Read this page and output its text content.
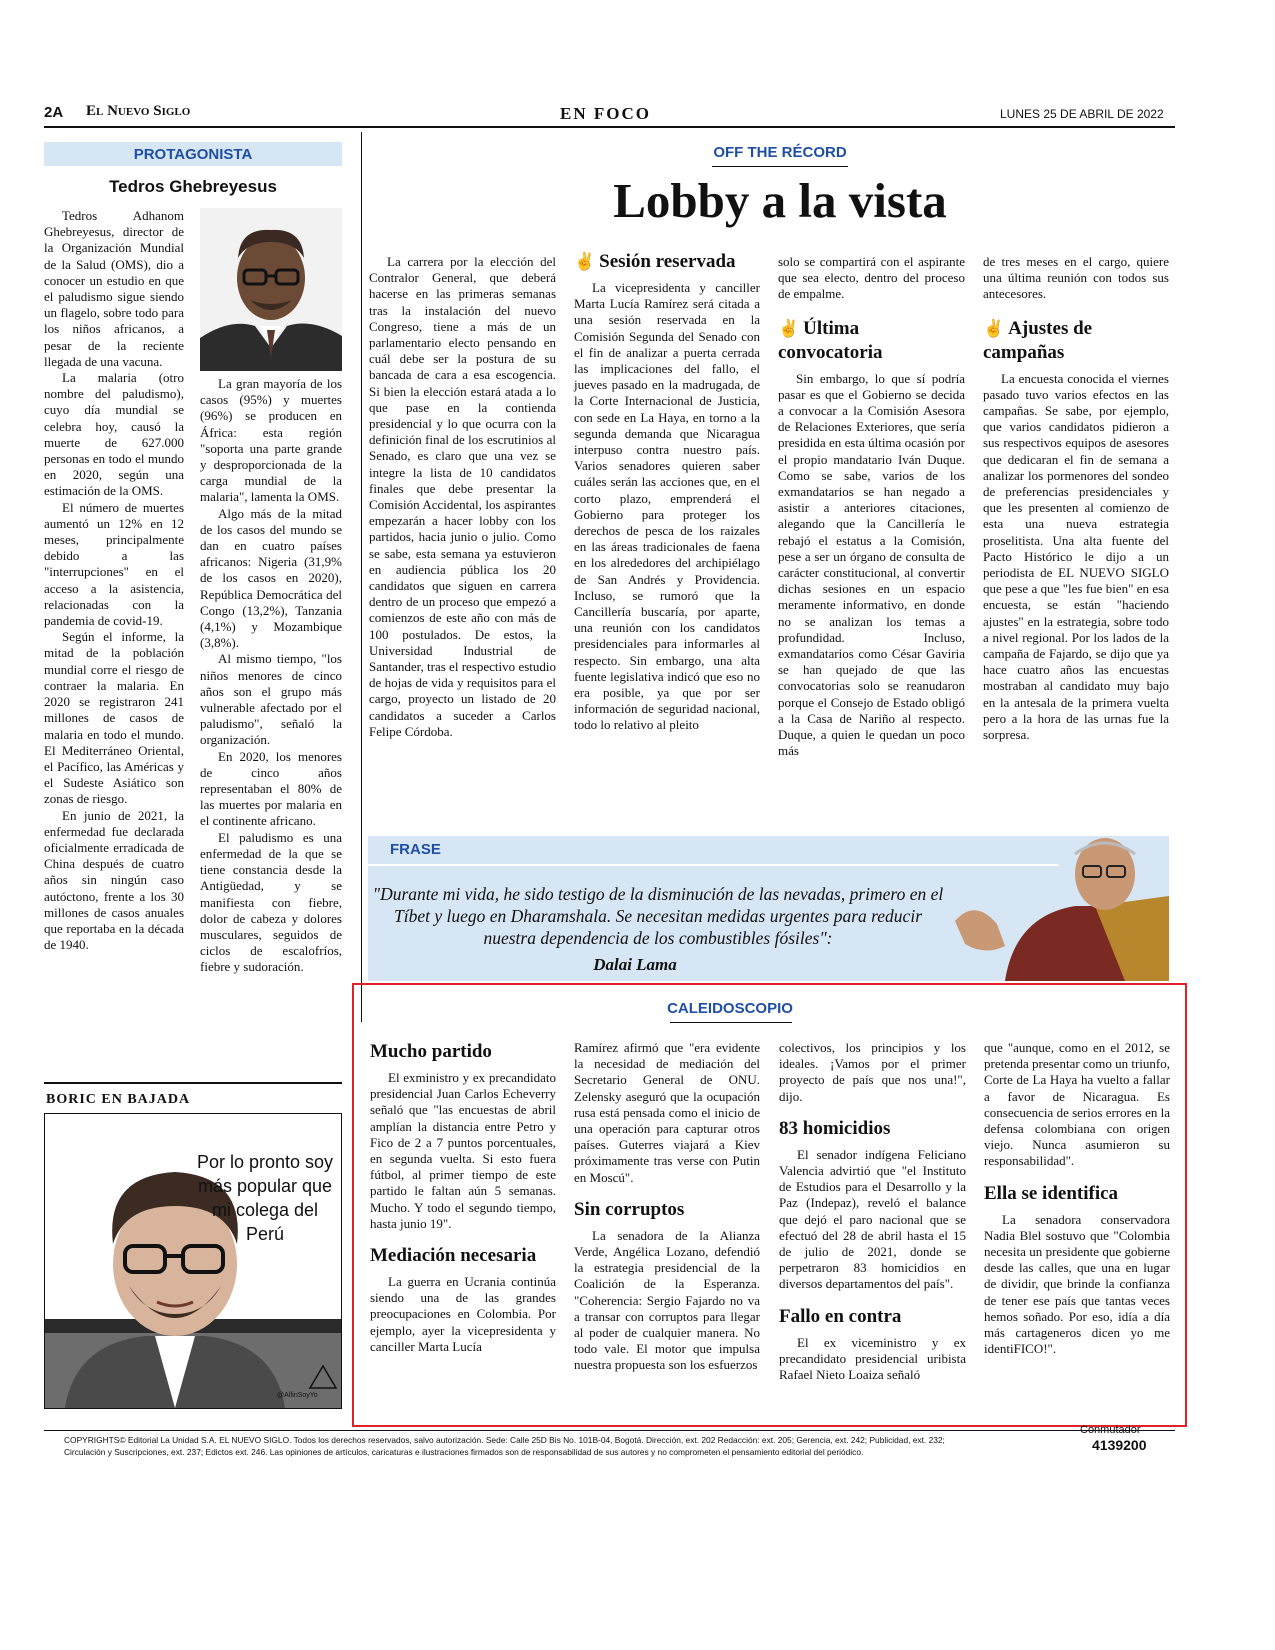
2A El Nuevo Siglo	EN FOCO	LUNES 25 DE ABRIL DE 2022
PROTAGONISTA
Tedros Ghebreyesus

Tedros Adhanom Ghebreyesus, director de la Organización Mundial de la Salud (OMS), dio a conocer un estudio en que el paludismo sigue siendo un flagelo, sobre todo para los niños africanos, a pesar de la reciente llegada de una vacuna.

La malaria (otro nombre del paludismo), cuyo día mundial se celebra hoy, causó la muerte de 627.000 personas en todo el mundo en 2020, según una estimación de la OMS.

El número de muertes aumentó un 12% en 12 meses, principalmente debido a las "interrupciones" en el acceso a la asistencia, relacionadas con la pandemia de covid-19.

Según el informe, la mitad de la población mundial corre el riesgo de contraer la malaria. En 2020 se registraron 241 millones de casos de malaria en todo el mundo. El Mediterráneo Oriental, el Pacífico, las Américas y el Sudeste Asiático son zonas de riesgo.

En junio de 2021, la enfermedad fue declarada oficialmente erradicada de China después de cuatro años sin ningún caso autóctono, frente a los 30 millones de casos anuales que reportaba en la década de 1940.

La gran mayoría de los casos (95%) y muertes (96%) se producen en África: esta región "soporta una parte grande y desproporcionada de la carga mundial de la malaria", lamenta la OMS.

Algo más de la mitad de los casos del mundo se dan en cuatro países africanos: Nigeria (31,9% de los casos en 2020), República Democrática del Congo (13,2%), Tanzania (4,1%) y Mozambique (3,8%).

Al mismo tiempo, "los niños menores de cinco años son el grupo más vulnerable afectado por el paludismo", señaló la organización.

En 2020, los menores de cinco años representaban el 80% de las muertes por malaria en el continente africano.

El paludismo es una enfermedad de la que se tiene constancia desde la Antigüedad, y se manifiesta con fiebre, dolor de cabeza y dolores musculares, seguidos de ciclos de escalofríos, fiebre y sudoración.

BORIC EN BAJADA
Por lo pronto soy más popular que mi colega del Perú
@AlfinSoyYo
OFF THE RÉCORD
Lobby a la vista

La carrera por la elección del Contralor General, que deberá hacerse en las primeras semanas tras la instalación del nuevo Congreso, tiene a más de un parlamentario electo pensando en cuál debe ser la postura de su bancada de cara a esa escogencia. Si bien la elección estará atada a lo que pase en la contienda presidencial y lo que ocurra con la definición final de los escrutinios al Senado, es claro que una vez se integre la lista de 10 candidatos finales que debe presentar la Comisión Accidental, los aspirantes empezarán a hacer lobby con los partidos, hacia junio o julio. Como se sabe, esta semana ya estuvieron en audiencia pública los 20 candidatos que siguen en carrera dentro de un proceso que empezó a comienzos de este año con más de 100 postulados. De estos, la Universidad Industrial de Santander, tras el respectivo estudio de hojas de vida y requisitos para el cargo, proyecto un listado de 20 candidatos a suceder a Carlos Felipe Córdoba.

✌ Sesión reservada

La vicepresidenta y canciller Marta Lucía Ramírez será citada a una sesión reservada en la Comisión Segunda del Senado con el fin de analizar a puerta cerrada las implicaciones del fallo, el jueves pasado en la madrugada, de la Corte Internacional de Justicia, con sede en La Haya, en torno a la segunda demanda que Nicaragua interpuso contra nuestro país. Varios senadores quieren saber cuáles serán las acciones que, en el corto plazo, emprenderá el Gobierno para proteger los derechos de pesca de los raizales en las áreas tradicionales de faena en los alrededores del archipiélago de San Andrés y Providencia. Incluso, se rumoró que la Cancillería buscaría, por aparte, una reunión con los candidatos presidenciales para informarles al respecto. Sin embargo, una alta fuente legislativa indicó que eso no era posible, ya que por ser información de seguridad nacional, todo lo relativo al pleito

solo se compartirá con el aspirante que sea electo, dentro del proceso de empalme.

✌ Última convocatoria

Sin embargo, lo que sí podría pasar es que el Gobierno se decida a convocar a la Comisión Asesora de Relaciones Exteriores, que sería presidida en esta última ocasión por el propio mandatario Iván Duque. Como se sabe, varios de los exmandatarios se han negado a asistir a anteriores citaciones, alegando que la Cancillería le rebajó el estatus a la Comisión, pese a ser un órgano de consulta de carácter constitucional, al convertir dichas sesiones en un espacio meramente informativo, en donde no se analizan los temas a profundidad. Incluso, exmandatarios como César Gaviria se han quejado de que las convocatorias solo se reanudaron porque el Consejo de Estado obligó a la Casa de Nariño al respecto. Duque, a quien le quedan un poco más

de tres meses en el cargo, quiere una última reunión con todos sus antecesores.

✌ Ajustes de campañas

La encuesta conocida el viernes pasado tuvo varios efectos en las campañas. Se sabe, por ejemplo, que varios candidatos pidieron a sus respectivos equipos de asesores que dedicaran el fin de semana a analizar los pormenores del sondeo de preferencias presidenciales y que les presenten al comienzo de esta una nueva estrategia proselitista. Una alta fuente del Pacto Histórico le dijo a un periodista de EL NUEVO SIGLO que pese a que "les fue bien" en esa encuesta, se están "haciendo ajustes" en la estrategia, sobre todo a nivel regional. Por los lados de la campaña de Fajardo, se dijo que ya hace cuatro años las encuestas mostraban al candidato muy bajo en la antesala de la primera vuelta pero a la hora de las urnas fue la sorpresa.

FRASE
"Durante mi vida, he sido testigo de la disminución de las nevadas, primero en el Tíbet y luego en Dharamshala. Se necesitan medidas urgentes para reducir nuestra dependencia de los combustibles fósiles":
Dalai Lama
CALEIDOSCOPIO
Mucho partido

El exministro y ex precandidato presidencial Juan Carlos Echeverry señaló que "las encuestas de abril amplían la distancia entre Petro y Fico de 2 a 7 puntos porcentuales, en segunda vuelta. Si esto fuera fútbol, al primer tiempo de este partido le faltan aún 5 semanas. Mucho. Y todo el segundo tiempo, hasta junio 19".

Mediación necesaria

La guerra en Ucrania continúa siendo una de las grandes preocupaciones en Colombia. Por ejemplo, ayer la vicepresidenta y canciller Marta Lucía

Ramírez afirmó que "era evidente la necesidad de mediación del Secretario General de ONU. Zelensky aseguró que la ocupación rusa está pensada como el inicio de una operación para capturar otros países. Guterres viajará a Kiev próximamente tras verse con Putin en Moscú".

Sin corruptos

La senadora de la Alianza Verde, Angélica Lozano, defendió la estrategia presidencial de la Coalición de la Esperanza. "Coherencia: Sergio Fajardo no va a transar con corruptos para llegar al poder de cualquier manera. No todo vale. El motor que impulsa nuestra propuesta son los esfuerzos

colectivos, los principios y los ideales. ¡Vamos por el primer proyecto de país que nos una!", dijo.

83 homicidios

El senador indígena Feliciano Valencia advirtió que "el Instituto de Estudios para el Desarrollo y la Paz (Indepaz), reveló el balance que dejó el paro nacional que se efectuó del 28 de abril hasta el 15 de julio de 2021, donde se perpetraron 83 homicidios en diversos departamentos del país".

Fallo en contra

El ex viceministro y ex precandidato presidencial uribista Rafael Nieto Loaiza señaló

que "aunque, como en el 2012, se pretenda presentar como un triunfo, Corte de La Haya ha vuelto a fallar a favor de Nicaragua. Es consecuencia de serios errores en la defensa colombiana con origen viejo. Nunca asumieron su responsabilidad".

Ella se identifica

La senadora conservadora Nadia Blel sostuvo que "Colombia necesita un presidente que gobierne desde las calles, que una en lugar de dividir, que brinde la confianza de tener ese país que tantas veces hemos soñado. Por eso, idía a día más cartageneros dicen yo me identiFICO!".

COPYRIGHTS© Editorial La Unidad S.A. EL NUEVO SIGLO. Todos los derechos reservados, salvo autorización. Sede: Calle 25D Bis No. 101B-04, Bogotá. Dirección, ext. 202 Redacción: ext. 205; Gerencia, ext. 242; Publicidad, ext. 232;
Circulación y Suscripciones, ext. 237; Edictos ext. 246. Las opiniones de artículos, caricaturas e ilustraciones firmados son de responsabilidad de sus autores y no comprometen el pensamiento editorial del periódico.
Conmutador
4139200
